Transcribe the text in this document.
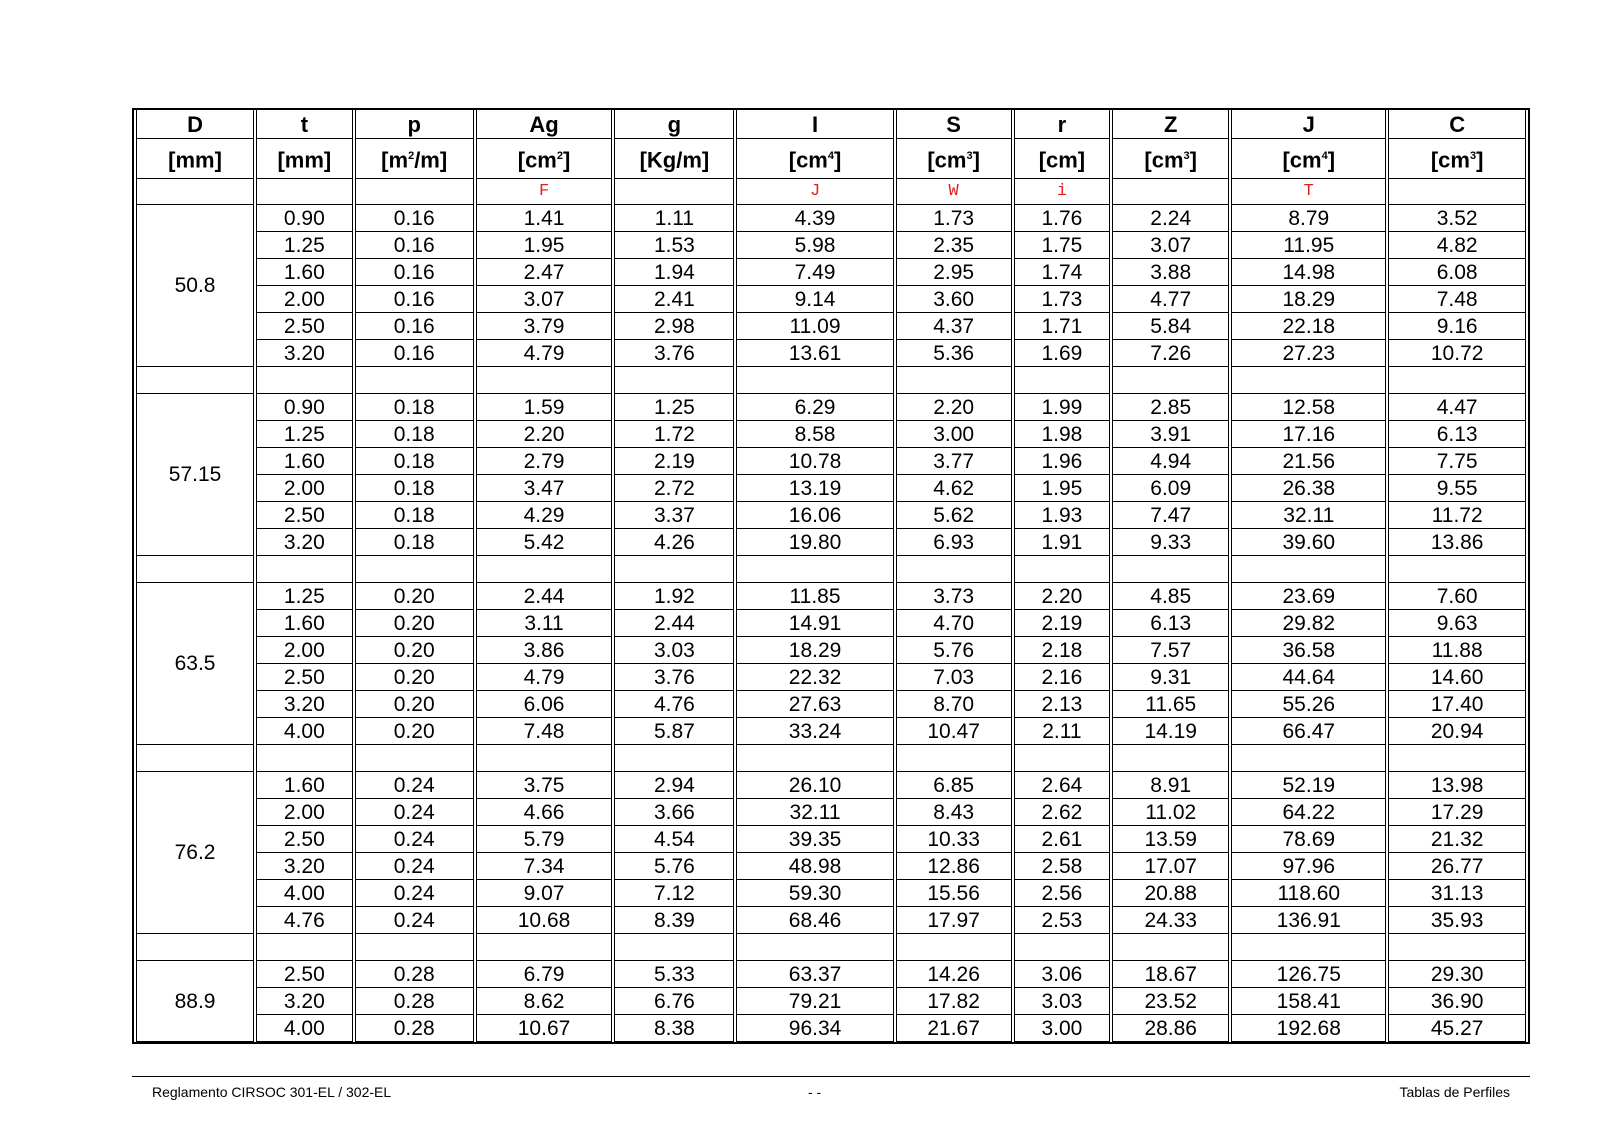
D	t	p	Ag	g	I	S	r	Z	J	C
[mm]	[mm]	$[m^2/m]$	$[cm^2]$	[Kg/m]	$[cm^4]$	$[cm^3]$	[cm]	$[cm^3]$	$[cm^4]$	$[cm^3]$
			F		J	W	i		T	
50.8	0.90	0.16	1.41	1.11	4.39	1.73	1.76	2.24	8.79	3.52
	1.25	0.16	1.95	1.53	5.98	2.35	1.75	3.07	11.95	4.82
	1.60	0.16	2.47	1.94	7.49	2.95	1.74	3.88	14.98	6.08
	2.00	0.16	3.07	2.41	9.14	3.60	1.73	4.77	18.29	7.48
	2.50	0.16	3.79	2.98	11.09	4.37	1.71	5.84	22.18	9.16
	3.20	0.16	4.79	3.76	13.61	5.36	1.69	7.26	27.23	10.72

57.15	0.90	0.18	1.59	1.25	6.29	2.20	1.99	2.85	12.58	4.47
	1.25	0.18	2.20	1.72	8.58	3.00	1.98	3.91	17.16	6.13
	1.60	0.18	2.79	2.19	10.78	3.77	1.96	4.94	21.56	7.75
	2.00	0.18	3.47	2.72	13.19	4.62	1.95	6.09	26.38	9.55
	2.50	0.18	4.29	3.37	16.06	5.62	1.93	7.47	32.11	11.72
	3.20	0.18	5.42	4.26	19.80	6.93	1.91	9.33	39.60	13.86

63.5	1.25	0.20	2.44	1.92	11.85	3.73	2.20	4.85	23.69	7.60
	1.60	0.20	3.11	2.44	14.91	4.70	2.19	6.13	29.82	9.63
	2.00	0.20	3.86	3.03	18.29	5.76	2.18	7.57	36.58	11.88
	2.50	0.20	4.79	3.76	22.32	7.03	2.16	9.31	44.64	14.60
	3.20	0.20	6.06	4.76	27.63	8.70	2.13	11.65	55.26	17.40
	4.00	0.20	7.48	5.87	33.24	10.47	2.11	14.19	66.47	20.94

76.2	1.60	0.24	3.75	2.94	26.10	6.85	2.64	8.91	52.19	13.98
	2.00	0.24	4.66	3.66	32.11	8.43	2.62	11.02	64.22	17.29
	2.50	0.24	5.79	4.54	39.35	10.33	2.61	13.59	78.69	21.32
	3.20	0.24	7.34	5.76	48.98	12.86	2.58	17.07	97.96	26.77
	4.00	0.24	9.07	7.12	59.30	15.56	2.56	20.88	118.60	31.13
	4.76	0.24	10.68	8.39	68.46	17.97	2.53	24.33	136.91	35.93

88.9	2.50	0.28	6.79	5.33	63.37	14.26	3.06	18.67	126.75	29.30
	3.20	0.28	8.62	6.76	79.21	17.82	3.03	23.52	158.41	36.90
	4.00	0.28	10.67	8.38	96.34	21.67	3.00	28.86	192.68	45.27
Reglamento CIRSOC 301-EL / 302-EL	- -	Tablas de Perfiles
